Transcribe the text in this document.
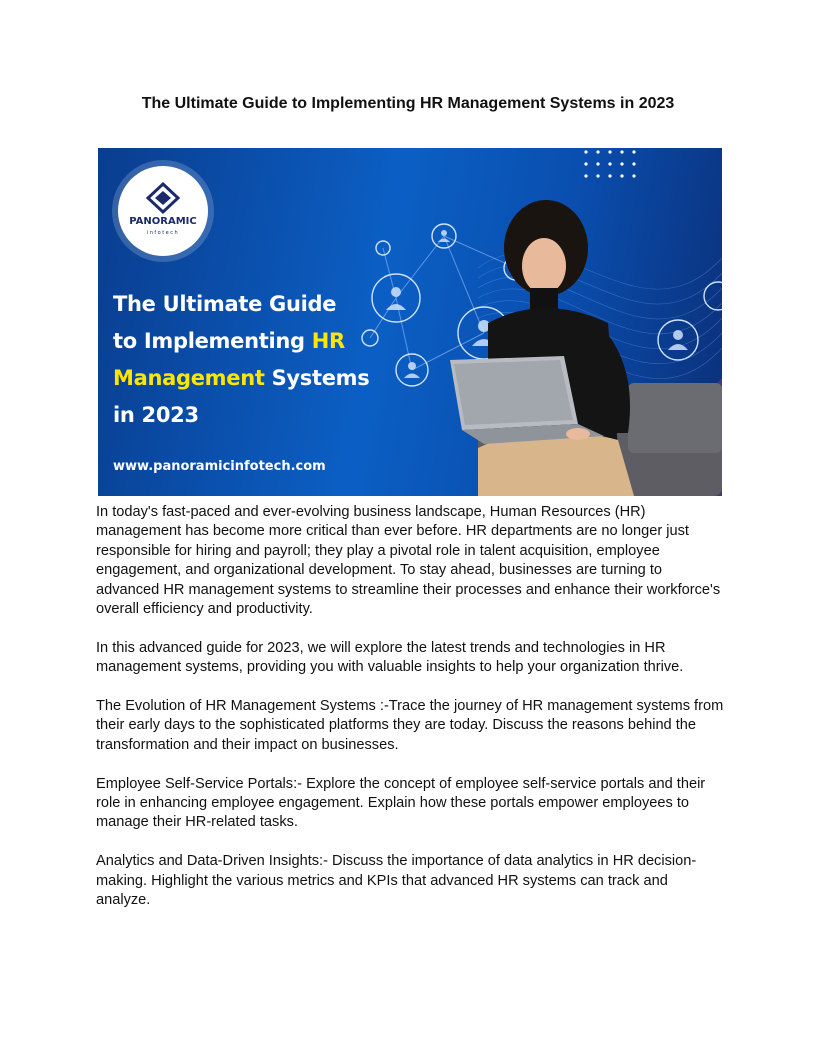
The Ultimate Guide to Implementing HR Management Systems in 2023
PANORAMIC
infotech
The Ultimate Guide
to Implementing HR
Management Systems
in 2023
www.panoramicinfotech.com

In today's fast-paced and ever-evolving business landscape, Human Resources (HR) management has become more critical than ever before. HR departments are no longer just responsible for hiring and payroll; they play a pivotal role in talent acquisition, employee engagement, and organizational development. To stay ahead, businesses are turning to advanced HR management systems to streamline their processes and enhance their workforce's overall efficiency and productivity.

In this advanced guide for 2023, we will explore the latest trends and technologies in HR management systems, providing you with valuable insights to help your organization thrive.

The Evolution of HR Management Systems :-Trace the journey of HR management systems from their early days to the sophisticated platforms they are today. Discuss the reasons behind the transformation and their impact on businesses.

Employee Self-Service Portals:- Explore the concept of employee self-service portals and their role in enhancing employee engagement. Explain how these portals empower employees to manage their HR-related tasks.

Analytics and Data-Driven Insights:- Discuss the importance of data analytics in HR decision-making. Highlight the various metrics and KPIs that advanced HR systems can track and analyze.
